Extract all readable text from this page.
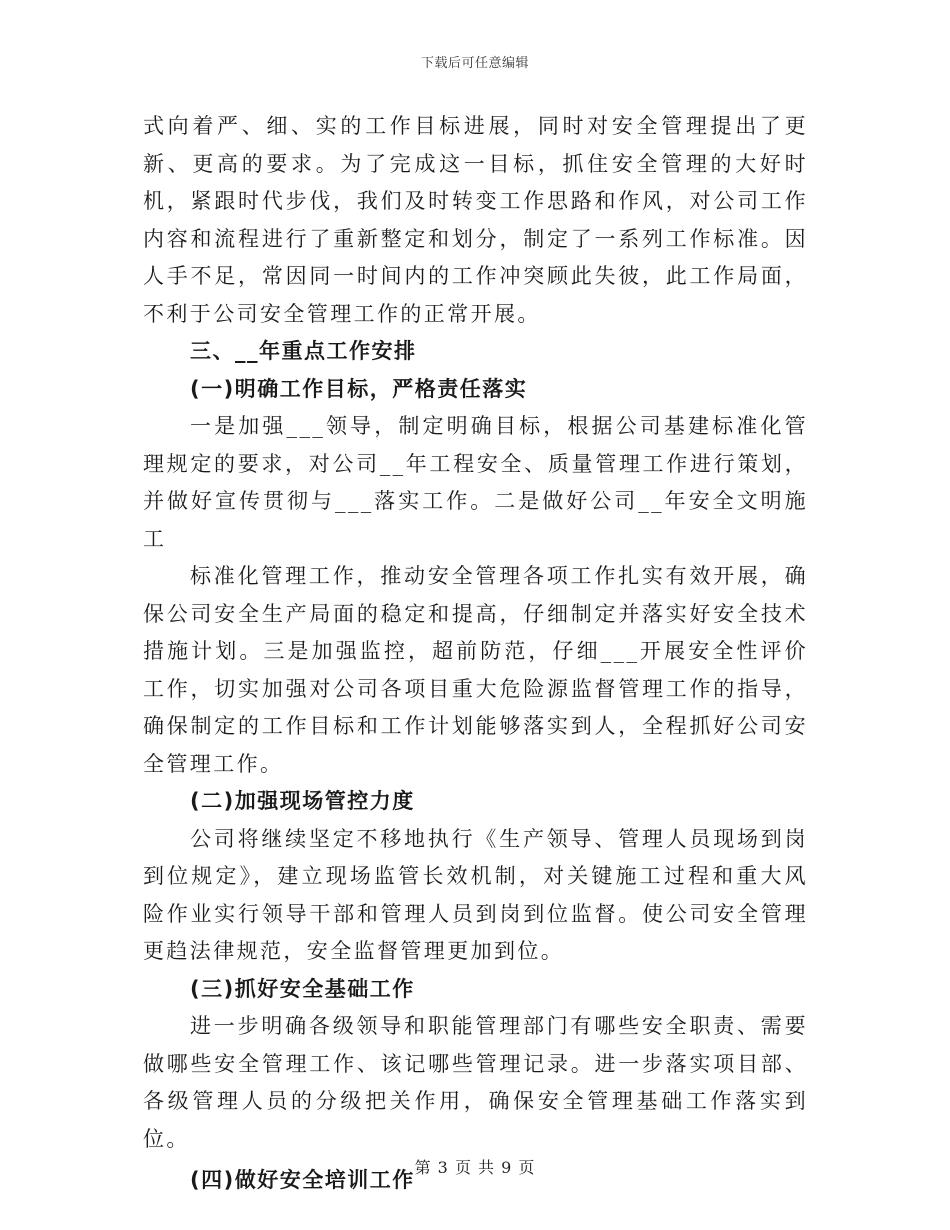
下载后可任意编辑

式向着严、细、实的工作目标进展，同时对安全管理提出了更新、更高的要求。为了完成这一目标，抓住安全管理的大好时机，紧跟时代步伐，我们及时转变工作思路和作风，对公司工作内容和流程进行了重新整定和划分，制定了一系列工作标准。因人手不足，常因同一时间内的工作冲突顾此失彼，此工作局面，不利于公司安全管理工作的正常开展。

三、__年重点工作安排

(一)明确工作目标，严格责任落实

一是加强___领导，制定明确目标，根据公司基建标准化管理规定的要求，对公司__年工程安全、质量管理工作进行策划，并做好宣传贯彻与___落实工作。二是做好公司__年安全文明施工

标准化管理工作，推动安全管理各项工作扎实有效开展，确保公司安全生产局面的稳定和提高，仔细制定并落实好安全技术措施计划。三是加强监控，超前防范，仔细___开展安全性评价工作，切实加强对公司各项目重大危险源监督管理工作的指导，确保制定的工作目标和工作计划能够落实到人，全程抓好公司安全管理工作。

(二)加强现场管控力度

公司将继续坚定不移地执行《生产领导、管理人员现场到岗到位规定》，建立现场监管长效机制，对关键施工过程和重大风险作业实行领导干部和管理人员到岗到位监督。使公司安全管理更趋法律规范，安全监督管理更加到位。

(三)抓好安全基础工作

进一步明确各级领导和职能管理部门有哪些安全职责、需要做哪些安全管理工作、该记哪些管理记录。进一步落实项目部、各级管理人员的分级把关作用，确保安全管理基础工作落实到位。

(四)做好安全培训工作

第 3 页 共 9 页
